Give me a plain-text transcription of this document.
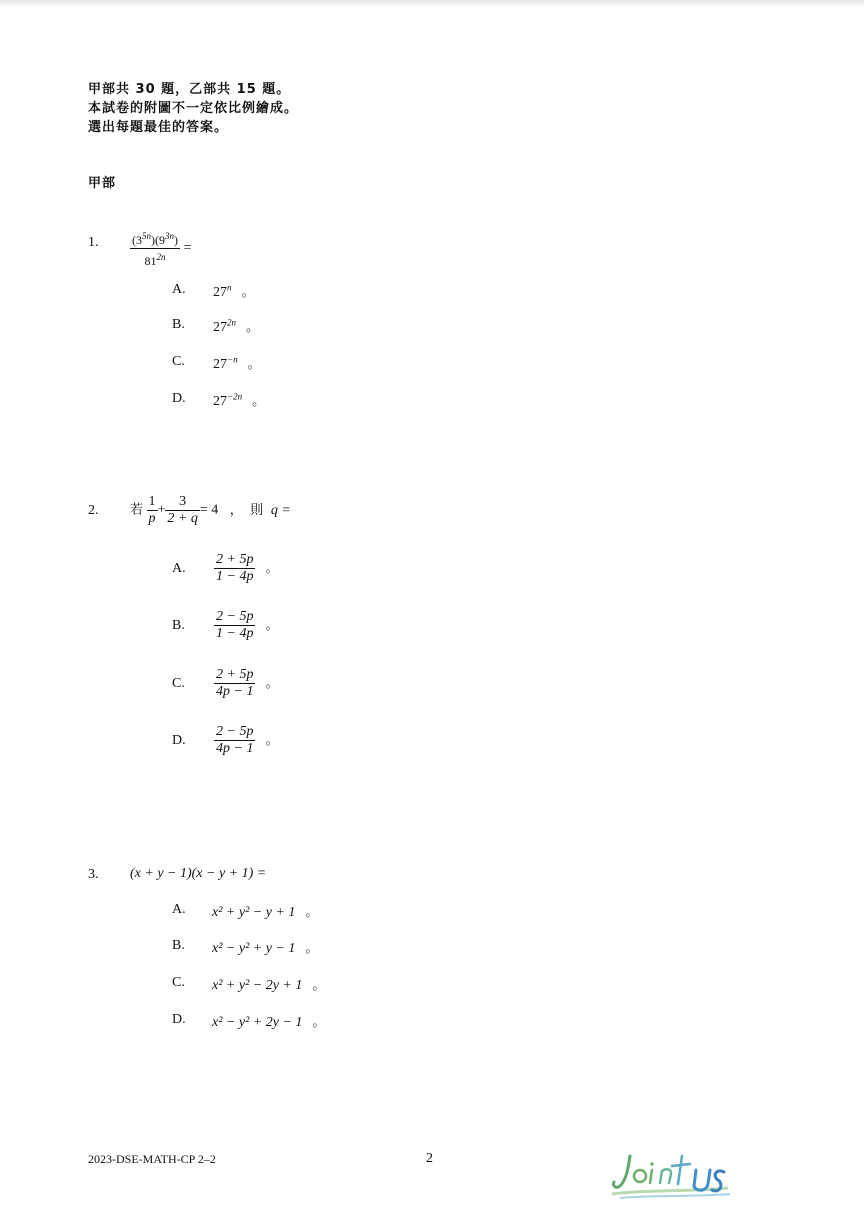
甲部共 30 題，乙部共 15 題。
本試卷的附圖不一定依比例繪成。
選出每題最佳的答案。
甲部
1.	$\frac{(3^{5n})(9^{3n})}{81^{2n}}$ =
A. 27$^n$ 。
B. $27^{2n}$ 。
C. $27^{-n}$ 。
D. $27^{-2n}$ 。
2. 若 $\frac{1}{p} + \frac{3}{2 + q} = 4$ ， 則 q =
A. $\frac{2 + 5p}{1 - 4p}$ 。
B. $\frac{2 - 5p}{1 - 4p}$ 。
C. $\frac{2 + 5p}{4p - 1}$ 。
D. $\frac{2 - 5p}{4p - 1}$ 。
3. (x + y − 1)(x − y + 1) =
A. x² + y² − y + 1 。
B. x² − y² + y − 1 。
C. x² + y² − 2y + 1 。
D. x² − y² + 2y − 1 。
2023-DSE-MATH-CP 2–2	2
JointUs
